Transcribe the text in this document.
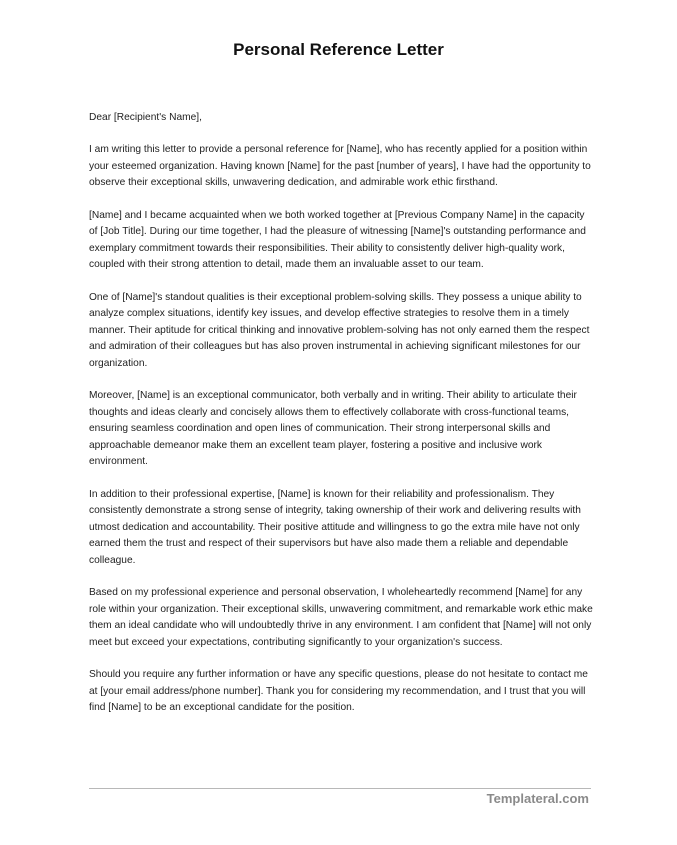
Personal Reference Letter

Dear [Recipient's Name],

I am writing this letter to provide a personal reference for [Name], who has recently applied for a position within your esteemed organization. Having known [Name] for the past [number of years], I have had the opportunity to observe their exceptional skills, unwavering dedication, and admirable work ethic firsthand.

[Name] and I became acquainted when we both worked together at [Previous Company Name] in the capacity of [Job Title]. During our time together, I had the pleasure of witnessing [Name]'s outstanding performance and exemplary commitment towards their responsibilities. Their ability to consistently deliver high-quality work, coupled with their strong attention to detail, made them an invaluable asset to our team.

One of [Name]'s standout qualities is their exceptional problem-solving skills. They possess a unique ability to analyze complex situations, identify key issues, and develop effective strategies to resolve them in a timely manner. Their aptitude for critical thinking and innovative problem-solving has not only earned them the respect and admiration of their colleagues but has also proven instrumental in achieving significant milestones for our organization.

Moreover, [Name] is an exceptional communicator, both verbally and in writing. Their ability to articulate their thoughts and ideas clearly and concisely allows them to effectively collaborate with cross-functional teams, ensuring seamless coordination and open lines of communication. Their strong interpersonal skills and approachable demeanor make them an excellent team player, fostering a positive and inclusive work environment.

In addition to their professional expertise, [Name] is known for their reliability and professionalism. They consistently demonstrate a strong sense of integrity, taking ownership of their work and delivering results with utmost dedication and accountability. Their positive attitude and willingness to go the extra mile have not only earned them the trust and respect of their supervisors but have also made them a reliable and dependable colleague.

Based on my professional experience and personal observation, I wholeheartedly recommend [Name] for any role within your organization. Their exceptional skills, unwavering commitment, and remarkable work ethic make them an ideal candidate who will undoubtedly thrive in any environment. I am confident that [Name] will not only meet but exceed your expectations, contributing significantly to your organization's success.

Should you require any further information or have any specific questions, please do not hesitate to contact me at [your email address/phone number]. Thank you for considering my recommendation, and I trust that you will find [Name] to be an exceptional candidate for the position.

Templateral.com
